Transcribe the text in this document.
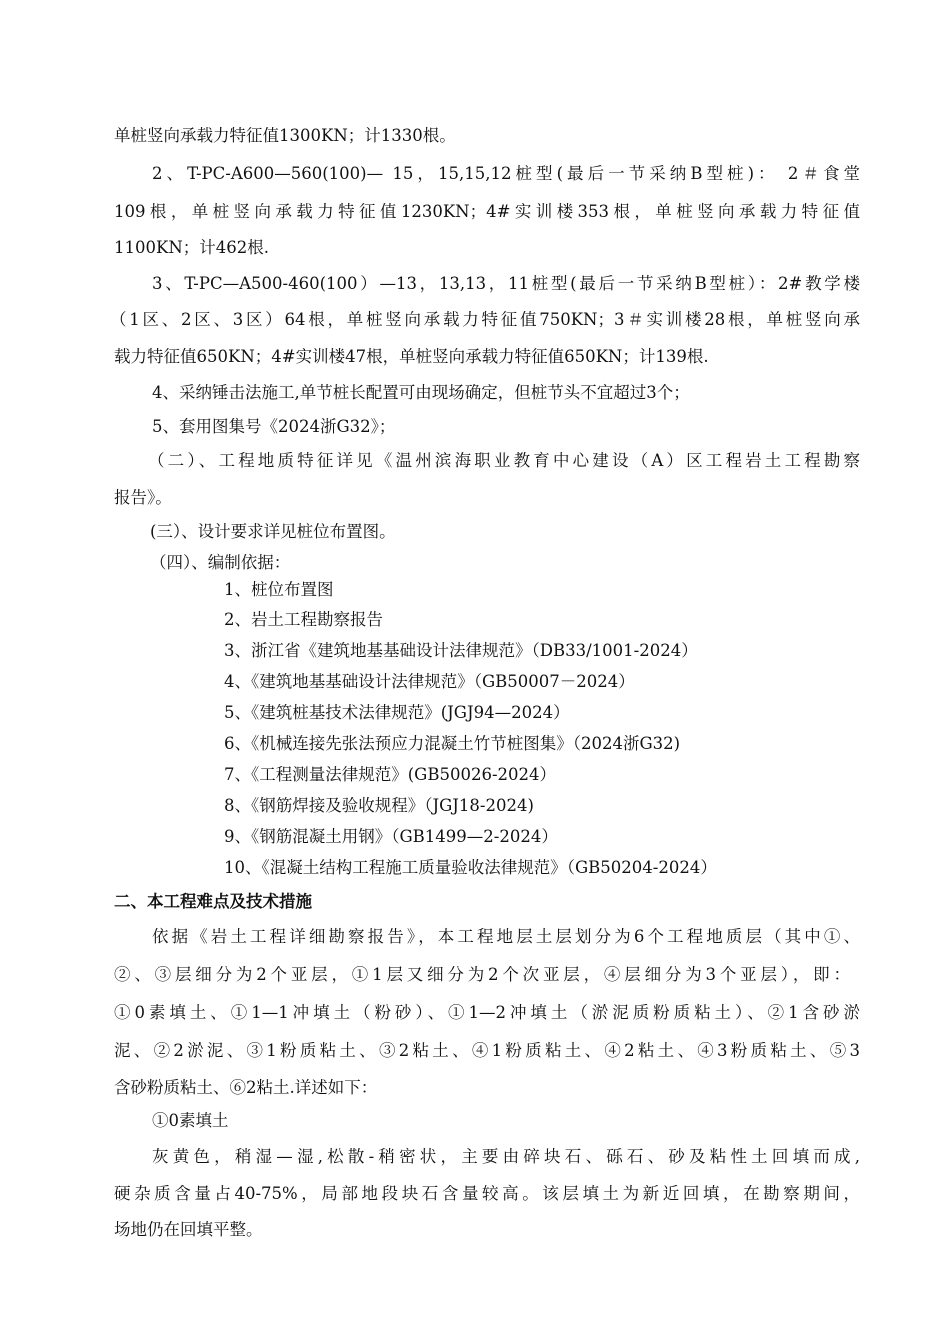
单桩竖向承载力特征值1300KN；计1330根。
2、T-PC-A600—560(100)— 15，15,15,12桩型(最后一节采纳B型桩)： 2＃食堂
109根，单桩竖向承载力特征值1230KN；4#实训楼353根，单桩竖向承载力特征值
1100KN；计462根.
3、T-PC—A500-460(100）—13，13,13，11桩型(最后一节采纳B型桩）：2#教学楼
（1区、2区、3区）64根，单桩竖向承载力特征值750KN；3＃实训楼28根，单桩竖向承
载力特征值650KN；4#实训楼47根，单桩竖向承载力特征值650KN；计139根.
4、采纳锤击法施工,单节桩长配置可由现场确定，但桩节头不宜超过3个；
5、套用图集号《2024浙G32》；
（二）、工程地质特征详见《温州滨海职业教育中心建设（A）区工程岩土工程勘察
报告》。
(三）、设计要求详见桩位布置图。
（四）、编制依据：
1、桩位布置图
2、岩土工程勘察报告
3、浙江省《建筑地基基础设计法律规范》（DB33/1001-2024）
4、《建筑地基基础设计法律规范》（GB50007－2024）
5、《建筑桩基技术法律规范》(JGJ94—2024）
6、《机械连接先张法预应力混凝土竹节桩图集》（2024浙G32)
7、《工程测量法律规范》(GB50026-2024）
8、《钢筋焊接及验收规程》（JGJ18-2024)
9、《钢筋混凝土用钢》（GB1499—2-2024）
10、《混凝土结构工程施工质量验收法律规范》（GB50204-2024）
二、本工程难点及技术措施
依据《岩土工程详细勘察报告》，本工程地层土层划分为6个工程地质层（其中①、
②、③层细分为2个亚层，①1层又细分为2个次亚层，④层细分为3个亚层），即：
①0素填土、①1—1冲填土（粉砂）、①1—2冲填土（淤泥质粉质粘土）、②1含砂淤
泥、②2淤泥、③1粉质粘土、③2粘土、④1粉质粘土、④2粘土、④3粉质粘土、⑤3
含砂粉质粘土、⑥2粘土.详述如下：
①0素填土
灰黄色，稍湿—湿,松散-稍密状，主要由碎块石、砾石、砂及粘性土回填而成,
硬杂质含量占40-75%，局部地段块石含量较高。该层填土为新近回填，在勘察期间，
场地仍在回填平整。
